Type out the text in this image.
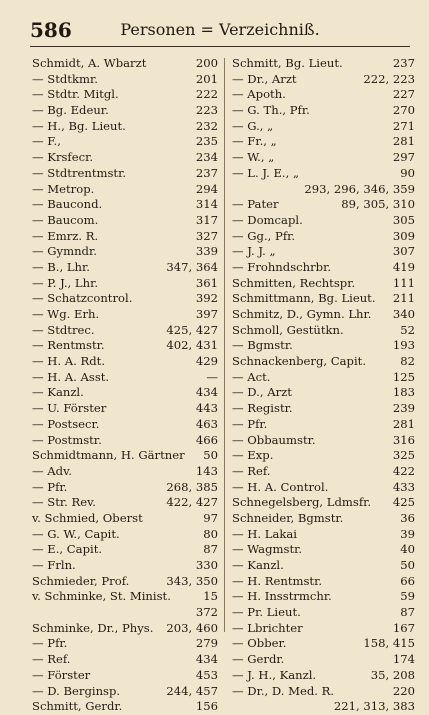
586	Personen = Verzeichniß.
Schmidt, A. Wbarzt	200
— Stdtkmr.	201
— Stdtr. Mitgl.	222
— Bg. Edeur.	223
— H., Bg. Lieut.	232
— F.,	235
— Krsfecr.	234
— Stdtrentmstr.	237
— Metrop.	294
— Baucond.	314
— Baucom.	317
— Emrz. R.	327
— Gymndr.	339
— B., Lhr.	347, 364
— P. J., Lhr.	361
— Schatzcontrol.	392
— Wg. Erh.	397
— Stdtrec.	425, 427
— Rentmstr.	402, 431
— H. A. Rdt.	429
— H. A. Asst.	—
— Kanzl.	434
— U. Förster	443
— Postsecr.	463
— Postmstr.	466
Schmidtmann, H. Gärtner 50
— Adv.	143
— Pfr.	268, 385
— Str. Rev.	422, 427
v. Schmied, Oberst	97
— G. W., Capit.	80
— E., Capit.	87
— Frln.	330
Schmieder, Prof.	343, 350
v. Schminke, St. Minist.	15
372
Schminke, Dr., Phys. 203, 460
— Pfr.	279
— Ref.	434
— Förster	453
— D. Berginsp.	244, 457
Schmitt, Gerdr.	156
Schmitt, Bg. Lieut.	237
— Dr., Arzt	222, 223
— Apoth.	227
— G. Th., Pfr.	270
— G., „	271
— Fr., „	281
— W., „	297
— L. J. E., „	90
293, 296, 346, 359
— Pater	89, 305, 310
— Domcapl.	305
— Gg., Pfr.	309
— J. J. „	307
— Frohndschrbr.	419
Schmitten, Rechtspr.	111
Schmittmann, Bg. Lieut. 211
Schmitz, D., Gymn. Lhr. 340
Schmoll, Gestütkn.	52
— Bgmstr.	193
Schnackenberg, Capit.	82
— Act.	125
— D., Arzt	183
— Registr.	239
— Pfr.	281
— Obbaumstr.	316
— Exp.	325
— Ref.	422
— H. A. Control.	433
Schnegelsberg, Ldmsfr. 425
Schneider, Bgmstr.	36
— H. Lakai	39
— Wagmstr.	40
— Kanzl.	50
— H. Rentmstr.	66
— H. Insstrmchr.	59
— Pr. Lieut.	87
— Lbrichter	167
— Obber.	158, 415
— Gerdr.	174
— J. H., Kanzl.	35, 208
— Dr., D. Med. R.	220
221, 313, 383
